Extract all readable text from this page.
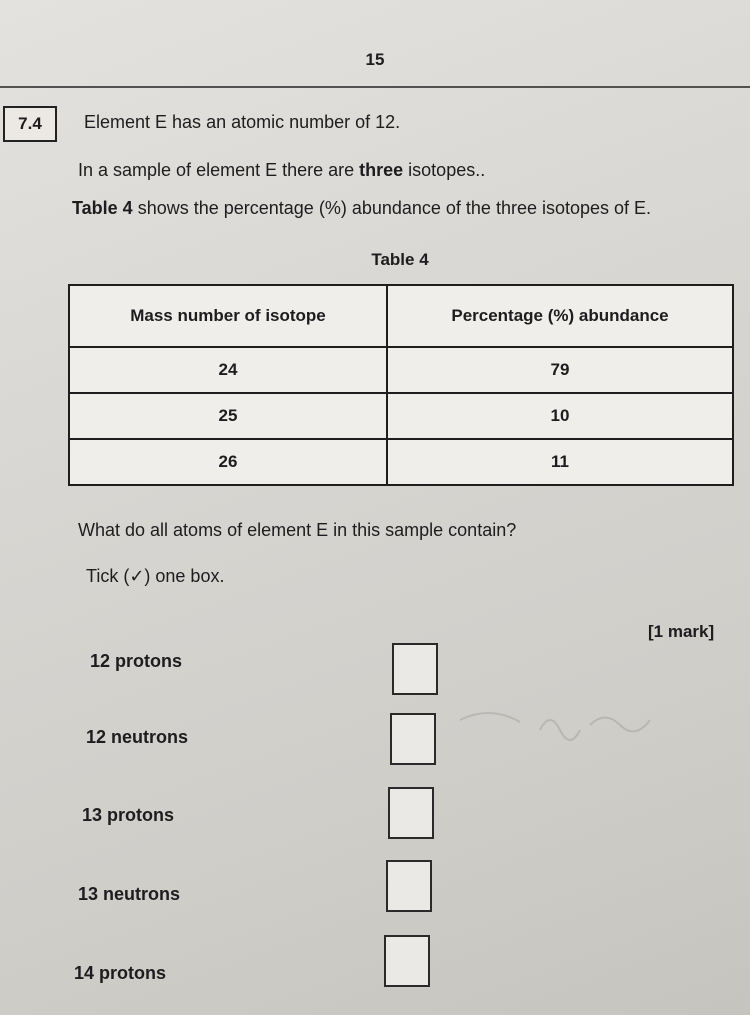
15
7.4	Element E has an atomic number of 12.
In a sample of element E there are three isotopes..
Table 4 shows the percentage (%) abundance of the three isotopes of E.
Table 4
Mass number of isotope	Percentage (%) abundance
24	79
25	10
26	11
What do all atoms of element E in this sample contain?
Tick (✓) one box.
[1 mark]
12 protons
12 neutrons
13 protons
13 neutrons
14 protons
